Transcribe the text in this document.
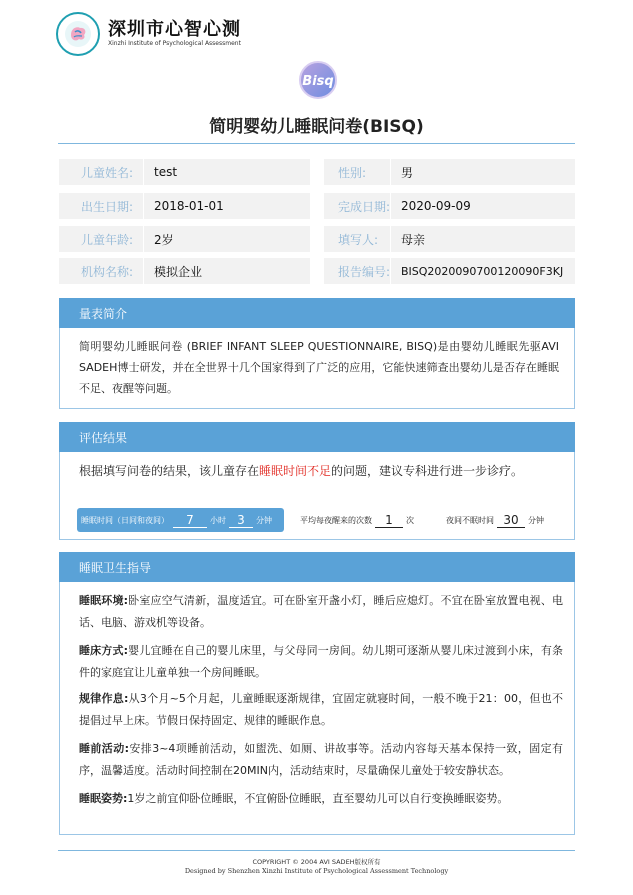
深圳市心智心测
Xinzhi Institute of Psychological Assessment
Bisq
简明婴幼儿睡眠问卷(BISQ)
儿童姓名:	test	性别:	男
出生日期:	2018-01-01	完成日期: 2020-09-09
儿童年龄:	2岁	填写人:	母亲
机构名称:	模拟企业	报告编号: BISQ2020090700120090F3KJ
量表简介
简明婴幼儿睡眠问卷 (BRIEF INFANT SLEEP QUESTIONNAIRE, BISQ)是由婴幼儿睡眠先驱AVI SADEH博士研发，并在全世界十几个国家得到了广泛的应用，它能快速筛查出婴幼儿是否存在睡眠不足、夜醒等问题。
评估结果
根据填写问卷的结果，该儿童存在睡眠时间不足的问题，建议专科进行进一步诊疗。
睡眠时间（日间和夜间）	7	小时 3	分钟	平均每夜醒来的次数	1	次	夜间不眠时间 30	分钟
睡眠卫生指导
睡眠环境:卧室应空气清新，温度适宜。可在卧室开盏小灯，睡后应熄灯。不宜在卧室放置电视、电话、电脑、游戏机等设备。
睡床方式:婴儿宜睡在自己的婴儿床里，与父母同一房间。幼儿期可逐渐从婴儿床过渡到小床，有条件的家庭宜让儿童单独一个房间睡眠。
规律作息:从3个月~5个月起，儿童睡眠逐渐规律，宜固定就寝时间，一般不晚于21：00，但也不提倡过早上床。节假日保持固定、规律的睡眠作息。
睡前活动:安排3~4项睡前活动，如盥洗、如厕、讲故事等。活动内容每天基本保持一致，固定有序，温馨适度。活动时间控制在20MIN内，活动结束时，尽量确保儿童处于较安静状态。
睡眠姿势:1岁之前宜仰卧位睡眠，不宜俯卧位睡眠，直至婴幼儿可以自行变换睡眠姿势。
COPYRIGHT © 2004 AVI SADEH版权所有
Designed by Shenzhen Xinzhi Institute of Psychological Assessment Technology
